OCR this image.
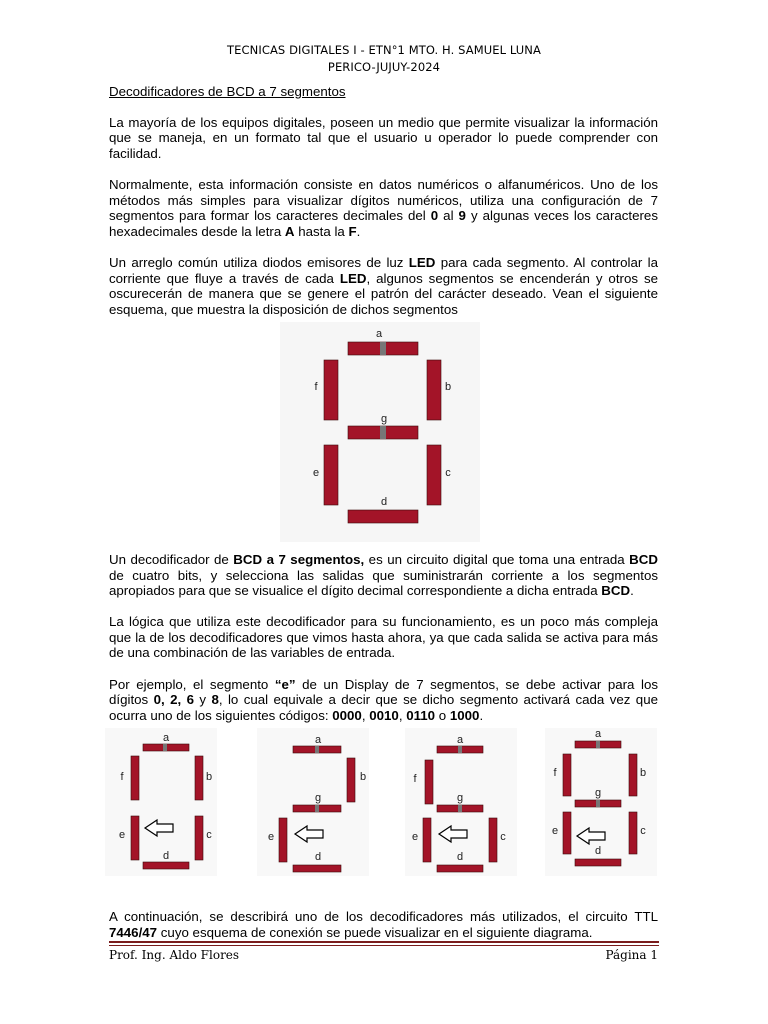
TECNICAS DIGITALES I - ETN°1 MTO. H. SAMUEL LUNA
PERICO-JUJUY-2024
Decodificadores de BCD a 7 segmentos

La mayoría de los equipos digitales, poseen un medio que permite visualizar la información que se maneja, en un formato tal que el usuario u operador lo puede comprender con facilidad.

Normalmente, esta información consiste en datos numéricos o alfanuméricos. Uno de los métodos más simples para visualizar dígitos numéricos, utiliza una configuración de 7 segmentos para formar los caracteres decimales del 0 al 9 y algunas veces los caracteres hexadecimales desde la letra A hasta la F.

Un arreglo común utiliza diodos emisores de luz LED para cada segmento. Al controlar la corriente que fluye a través de cada LED, algunos segmentos se encenderán y otros se oscurecerán de manera que se genere el patrón del carácter deseado. Vean el siguiente esquema, que muestra la disposición de dichos segmentos

Un decodificador de BCD a 7 segmentos, es un circuito digital que toma una entrada BCD de cuatro bits, y selecciona las salidas que suministrarán corriente a los segmentos apropiados para que se visualice el dígito decimal correspondiente a dicha entrada BCD.

La lógica que utiliza este decodificador para su funcionamiento, es un poco más compleja que la de los decodificadores que vimos hasta ahora, ya que cada salida se activa para más de una combinación de las variables de entrada.

Por ejemplo, el segmento “e” de un Display de 7 segmentos, se debe activar para los dígitos 0, 2, 6 y 8, lo cual equivale a decir que se dicho segmento activará cada vez que ocurra uno de los siguientes códigos: 0000, 0010, 0110 o 1000.

A continuación, se describirá uno de los decodificadores más utilizados, el circuito TTL 7446/47 cuyo esquema de conexión se puede visualizar en el siguiente diagrama.

a
f	b
g
e	c
d
a
f	b
e	c
d
a
b
g
e
d
a
f
g
e	c
d
a
f	b
g
e	c
d
Prof. Ing. Aldo Flores	Página 1
